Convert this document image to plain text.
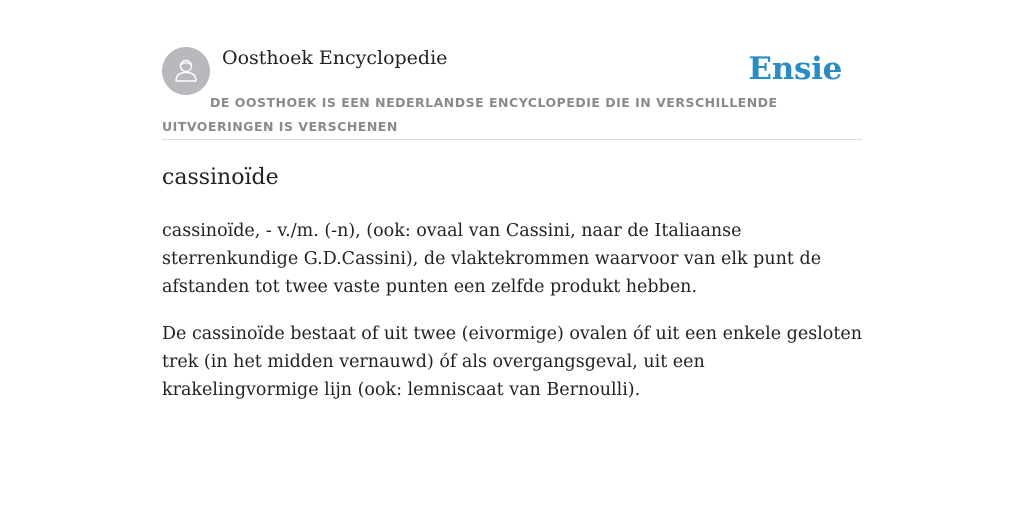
Oosthoek Encyclopedie	Ensie
DE OOSTHOEK IS EEN NEDERLANDSE ENCYCLOPEDIE DIE IN VERSCHILLENDE UITVOERINGEN IS VERSCHENEN
cassinoïde

cassinoïde, - v./m. (-n), (ook: ovaal van Cassini, naar de Italiaanse sterrenkundige G.D.Cassini), de vlaktekrommen waarvoor van elk punt de afstanden tot twee vaste punten een zelfde produkt hebben.

De cassinoïde bestaat of uit twee (eivormige) ovalen óf uit een enkele gesloten trek (in het midden vernauwd) óf als overgangsgeval, uit een krakelingvormige lijn (ook: lemniscaat van Bernoulli).
